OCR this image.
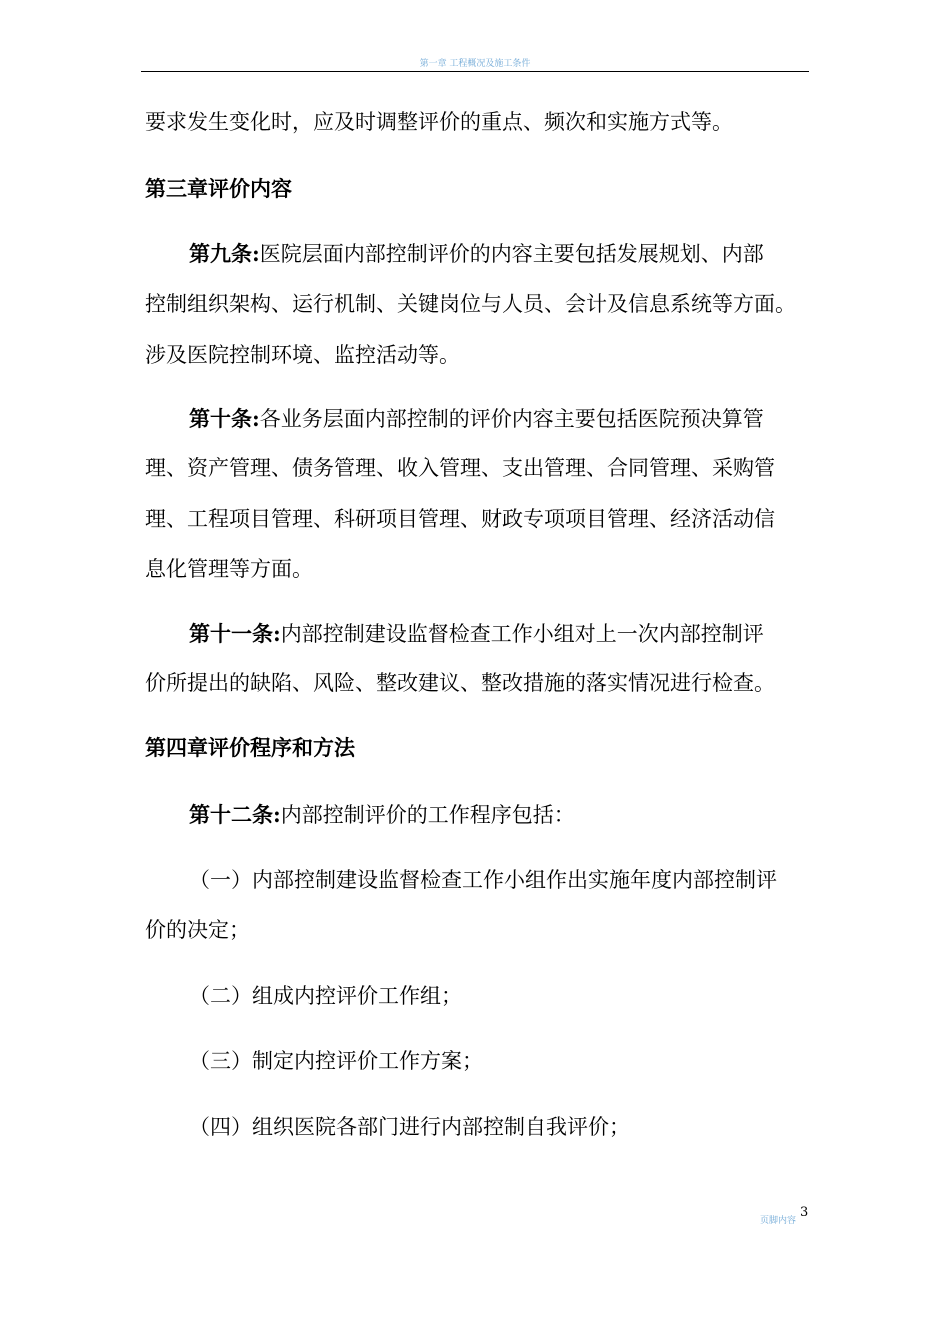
第一章 工程概况及施工条件

要求发生变化时，应及时调整评价的重点、频次和实施方式等。

第三章评价内容

第九条:医院层面内部控制评价的内容主要包括发展规划、内部

控制组织架构、运行机制、关键岗位与人员、会计及信息系统等方面。

涉及医院控制环境、监控活动等。

第十条:各业务层面内部控制的评价内容主要包括医院预决算管

理、资产管理、债务管理、收入管理、支出管理、合同管理、采购管

理、工程项目管理、科研项目管理、财政专项项目管理、经济活动信

息化管理等方面。

第十一条:内部控制建设监督检查工作小组对上一次内部控制评

价所提出的缺陷、风险、整改建议、整改措施的落实情况进行检查。

第四章评价程序和方法

第十二条:内部控制评价的工作程序包括：

（一）内部控制建设监督检查工作小组作出实施年度内部控制评

价的决定；

（二）组成内控评价工作组；

（三）制定内控评价工作方案；

（四）组织医院各部门进行内部控制自我评价；

页脚内容
3
